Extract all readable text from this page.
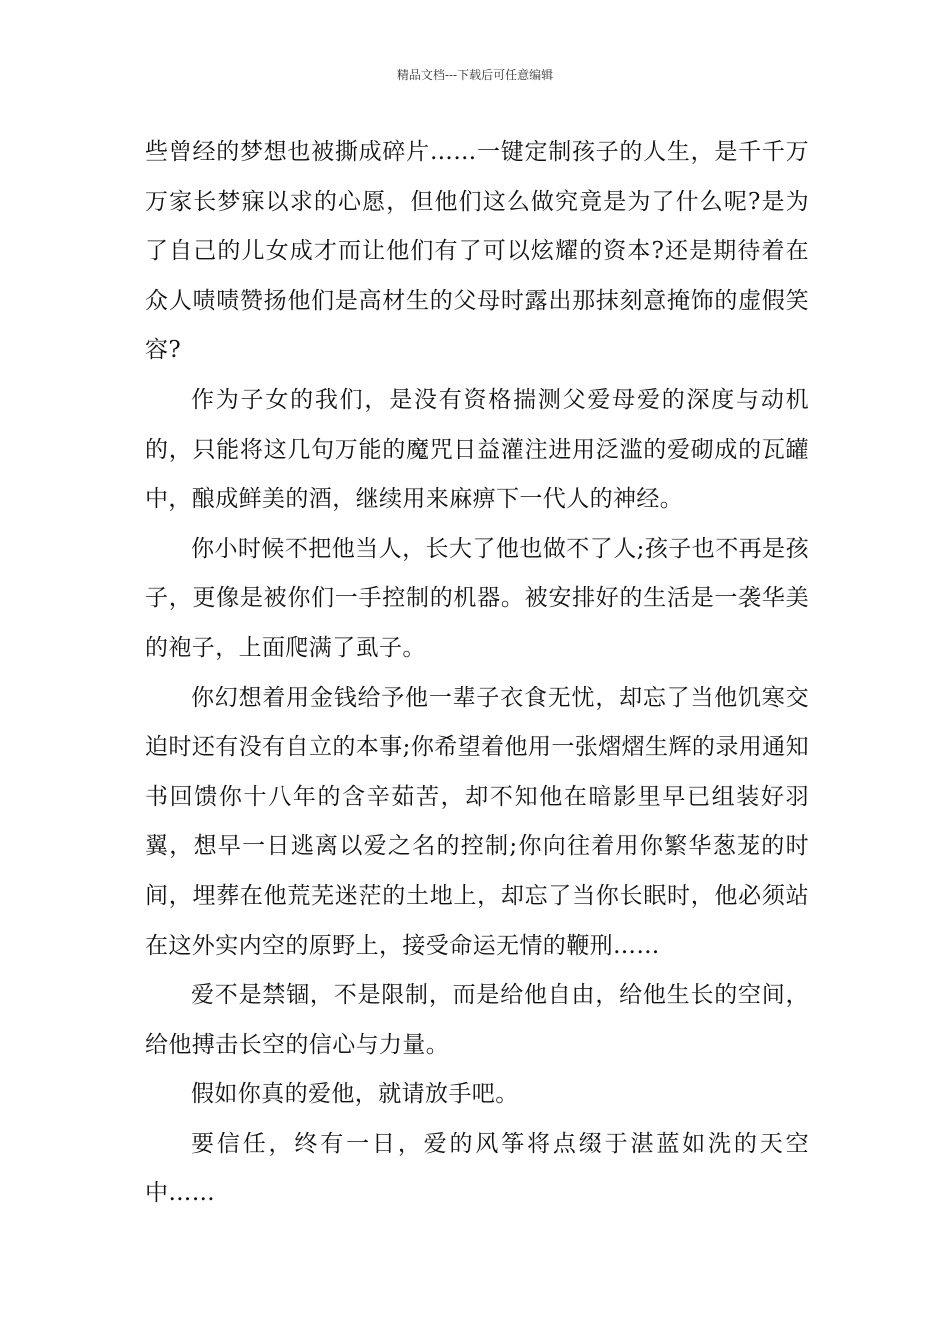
精品文档---下载后可任意编辑

些曾经的梦想也被撕成碎片……一键定制孩子的人生，是千千万万家长梦寐以求的心愿，但他们这么做究竟是为了什么呢?是为了自己的儿女成才而让他们有了可以炫耀的资本?还是期待着在众人啧啧赞扬他们是高材生的父母时露出那抹刻意掩饰的虚假笑容?

作为子女的我们，是没有资格揣测父爱母爱的深度与动机的，只能将这几句万能的魔咒日益灌注进用泛滥的爱砌成的瓦罐中，酿成鲜美的酒，继续用来麻痹下一代人的神经。

你小时候不把他当人，长大了他也做不了人;孩子也不再是孩子，更像是被你们一手控制的机器。被安排好的生活是一袭华美的袍子，上面爬满了虱子。

你幻想着用金钱给予他一辈子衣食无忧，却忘了当他饥寒交迫时还有没有自立的本事;你希望着他用一张熠熠生辉的录用通知书回馈你十八年的含辛茹苦，却不知他在暗影里早已组装好羽翼，想早一日逃离以爱之名的控制;你向往着用你繁华葱茏的时间，埋葬在他荒芜迷茫的土地上，却忘了当你长眠时，他必须站在这外实内空的原野上，接受命运无情的鞭刑……

爱不是禁锢，不是限制，而是给他自由，给他生长的空间，给他搏击长空的信心与力量。

假如你真的爱他，就请放手吧。

要信任，终有一日，爱的风筝将点缀于湛蓝如洗的天空中……
